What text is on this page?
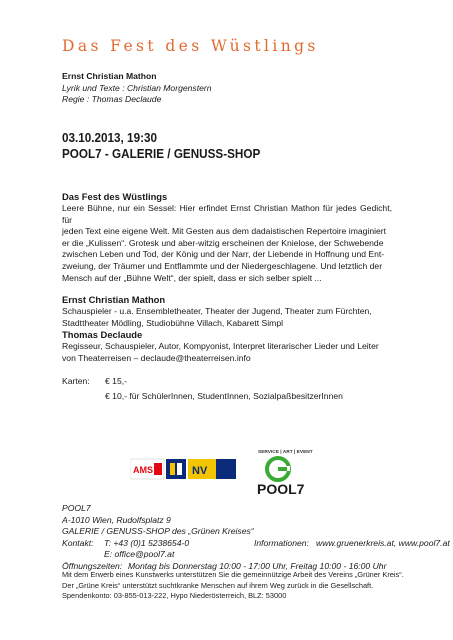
Das Fest des Wüstlings
Ernst Christian Mathon
Lyrik und Texte : Christian Morgenstern
Regie : Thomas Declaude
03.10.2013, 19:30
POOL7 - GALERIE / GENUSS-SHOP
Das Fest des Wüstlings
Leere Bühne, nur ein Sessel: Hier erfindet Ernst Christian Mathon für jedes Gedicht, für
jeden Text eine eigene Welt. Mit Gesten aus dem dadaistischen Repertoire imaginiert
er die „Kulissen“. Grotesk und aber-witzig erscheinen der Knielose, der Schwebende
zwischen Leben und Tod, der König und der Narr, der Liebende in Hoffnung und Ent-
zweiung, der Träumer und Entflammte und der Niedergeschlagene. Und letztlich der
Mensch auf der „Bühne Welt“, der spielt, dass er sich selber spielt ...
Ernst Christian Mathon
Schauspieler - u.a. Ensembletheater, Theater der Jugend, Theater zum Fürchten,
Stadttheater Mödling, Studiobühne Villach, Kabarett Simpl
Thomas Declaude
Regisseur, Schauspieler, Autor, Kompyonist, Interpret literarischer Lieder und Leiter
von Theaterreisen – declaude@theaterreisen.info
Karten:	€ 15,-
€ 10,- für SchülerInnen, StudentInnen, SozialpaßbesitzerInnen
AMS	NV
SERVICE | ART | EVENT
POOL7
POOL7
A-1010 Wien, Rudolfsplatz 9
GALERIE / GENUSS-SHOP des „Grünen Kreises“
Kontakt:	T: +43 (0)1 5238654-0	Informationen: www.gruenerkreis.at, www.pool7.at
E: office@pool7.at
Öffnungszeiten: Montag bis Donnerstag 10:00 - 17:00 Uhr, Freitag 10:00 - 16:00 Uhr
Mit dem Erwerb eines Kunstwerks unterstützen Sie die gemeinnützige Arbeit des Vereins „Grüner Kreis“.
Der „Grüne Kreis“ unterstützt suchtkranke Menschen auf ihrem Weg zurück in die Gesellschaft.
Spendenkonto: 03-855-013-222, Hypo Niederösterreich, BLZ: 53000
